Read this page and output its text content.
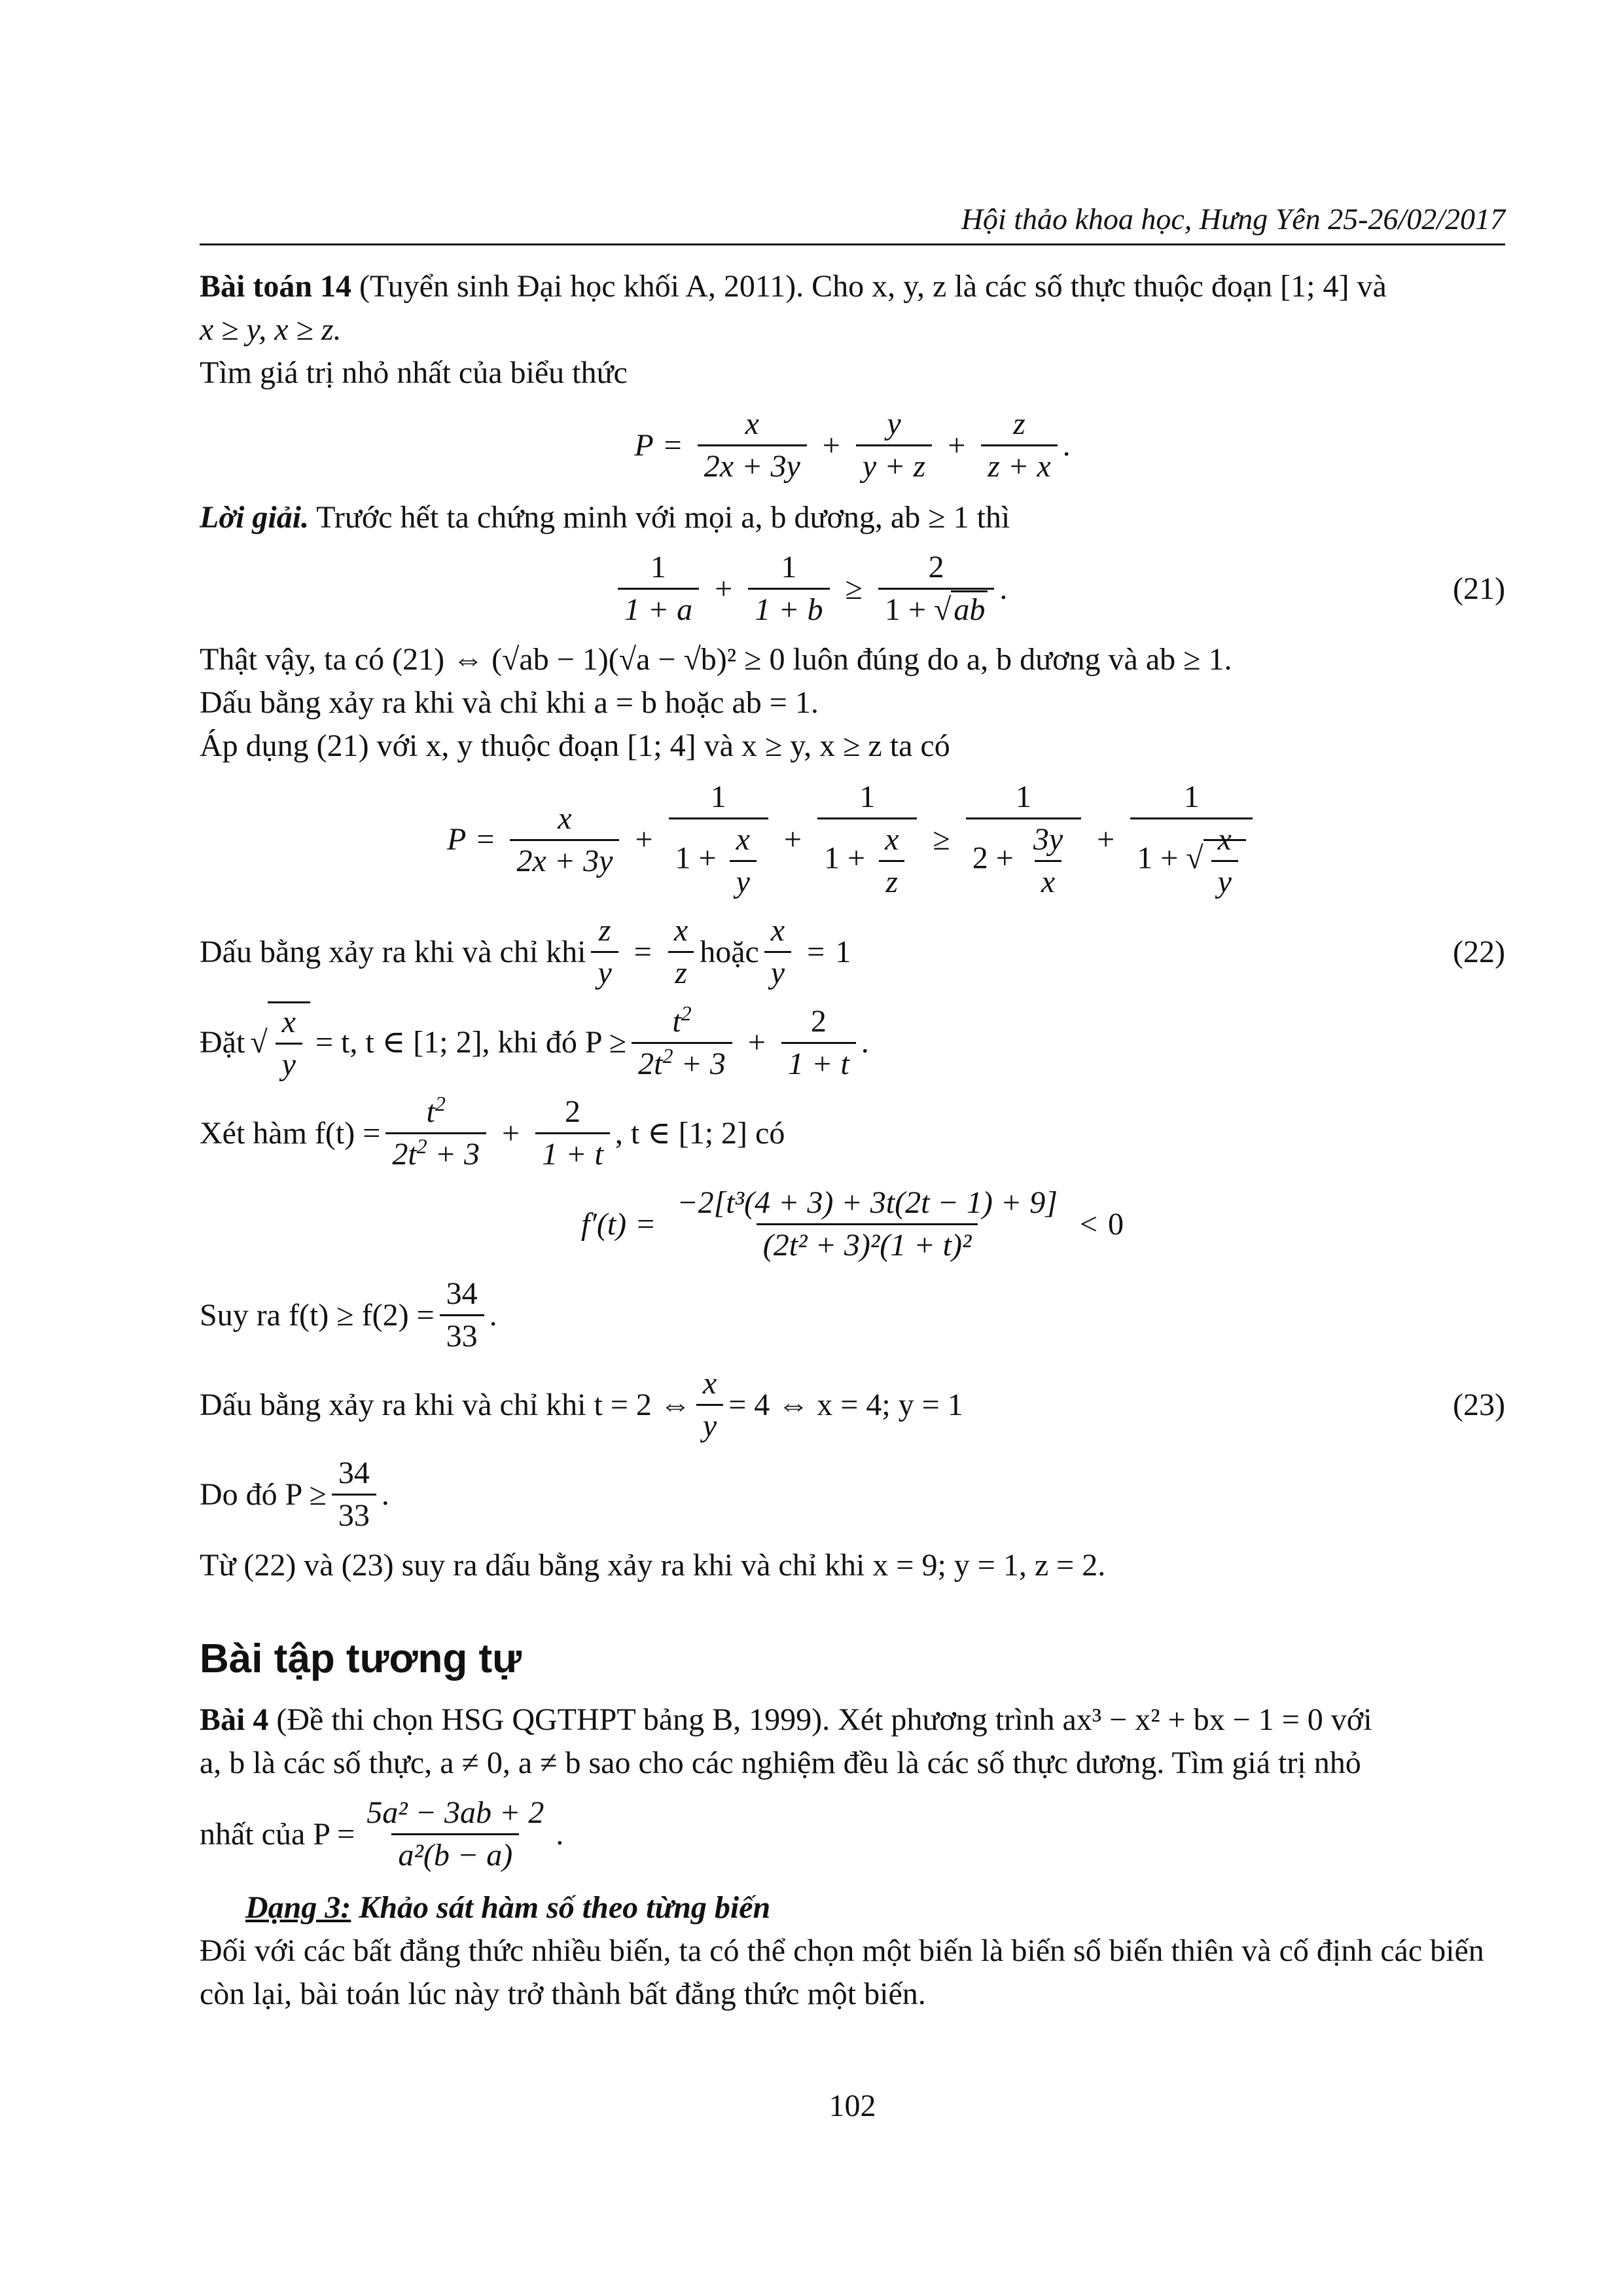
Hội thảo khoa học, Hưng Yên 25-26/02/2017

Bài toán 14 (Tuyển sinh Đại học khối A, 2011). Cho x, y, z là các số thực thuộc đoạn [1; 4] và
x ≥ y, x ≥ z.
Tìm giá trị nhỏ nhất của biểu thức

$P = \frac{x}{2x + 3y} + \frac{y}{y + z} + \frac{z}{z + x}$ .

Lời giải. Trước hết ta chứng minh với mọi a, b dương, ab ≥ 1 thì

$\frac{1}{1 + a} + \frac{1}{1 + b} \ge \frac{2}{1 + √ab}$ .	(21)

Thật vậy, ta có (21) ⇔ (√ab − 1)(√a − √b)² ≥ 0 luôn đúng do a, b dương và ab ≥ 1.

Dấu bằng xảy ra khi và chỉ khi a = b hoặc ab = 1.

Áp dụng (21) với x, y thuộc đoạn [1; 4] và x ≥ y, x ≥ z ta có

$P = \frac{x}{2x + 3y} + \frac{1}{1 + \frac{x}{y}} + \frac{1}{1 + \frac{x}{z}} \ge \frac{1}{2 + \frac{3y}{x}} + \frac{1}{1 + √ \frac{x}{y}}$
Dấu bằng xảy ra khi và chỉ khi $\frac{z}{y} = \frac{x}{z}$ hoặc $\frac{x}{y} = 1$	(22)
Đặt √ $\frac{x}{y} = t$, t ∈ [1; 2], khi đó $P \ge \frac{t^2}{2t^2 + 3} + \frac{2}{1 + t}$ .
Xét hàm $f(t) = \frac{t^2}{2t^2 + 3} + \frac{2}{1 + t}$ , t ∈ [1; 2] có
$f'(t) = \frac{\text{−2[t³(4 + 3) + 3t(2t − 1) + 9]}}{\text{(2t² + 3)²(1 + t)²}} < 0$
Suy ra $f(t) \ge f(2) = \frac{34}{33}$ .
Dấu bằng xảy ra khi và chỉ khi t = 2 ⇔ $\frac{x}{y} = 4$ ⇔ x = 4; y = 1	(23)
Do đó $P \ge \frac{34}{33}$ .

Từ (22) và (23) suy ra dấu bằng xảy ra khi và chỉ khi x = 9; y = 1, z = 2.

Bài tập tương tự

Bài 4 (Đề thi chọn HSG QGTHPT bảng B, 1999). Xét phương trình ax³ − x² + bx − 1 = 0 với
a, b là các số thực, a ≠ 0, a ≠ b sao cho các nghiệm đều là các số thực dương. Tìm giá trị nhỏ

nhất của $P = \frac{\text{5a² − 3ab + 2}}{\text{a²(b − a)}}$ .
Dạng 3: Khảo sát hàm số theo từng biến

Đối với các bất đẳng thức nhiều biến, ta có thể chọn một biến là biến số biến thiên và cố định các biến còn lại, bài toán lúc này trở thành bất đẳng thức một biến.

102
